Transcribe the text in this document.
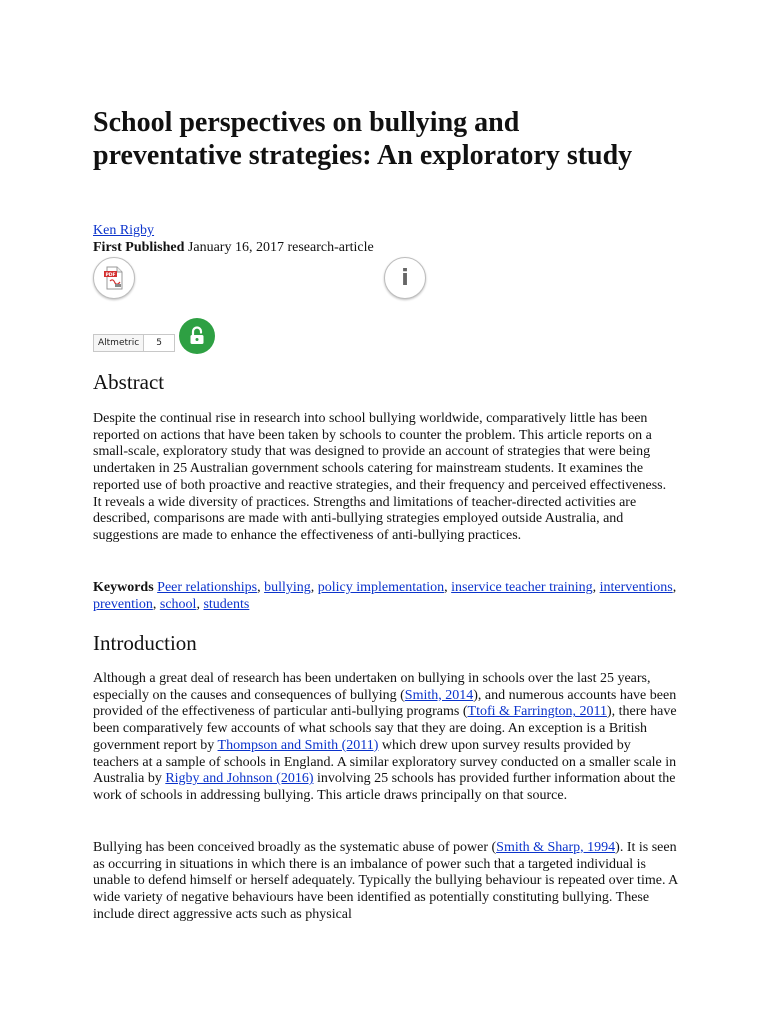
School perspectives on bullying and preventative strategies: An exploratory study
Ken Rigby
First Published January 16, 2017 research-article
PDF	i
Altmetric	5
Abstract

Despite the continual rise in research into school bullying worldwide, comparatively little has been reported on actions that have been taken by schools to counter the problem. This article reports on a small-scale, exploratory study that was designed to provide an account of strategies that were being undertaken in 25 Australian government schools catering for mainstream students. It examines the reported use of both proactive and reactive strategies, and their frequency and perceived effectiveness. It reveals a wide diversity of practices. Strengths and limitations of teacher-directed activities are described, comparisons are made with anti-bullying strategies employed outside Australia, and suggestions are made to enhance the effectiveness of anti-bullying practices.

Keywords Peer relationships, bullying, policy implementation, inservice teacher training, interventions, prevention, school, students

Introduction

Although a great deal of research has been undertaken on bullying in schools over the last 25 years, especially on the causes and consequences of bullying (Smith, 2014), and numerous accounts have been provided of the effectiveness of particular anti-bullying programs (Ttofi & Farrington, 2011), there have been comparatively few accounts of what schools say that they are doing. An exception is a British government report by Thompson and Smith (2011) which drew upon survey results provided by teachers at a sample of schools in England. A similar exploratory survey conducted on a smaller scale in Australia by Rigby and Johnson (2016) involving 25 schools has provided further information about the work of schools in addressing bullying. This article draws principally on that source.

Bullying has been conceived broadly as the systematic abuse of power (Smith & Sharp, 1994). It is seen as occurring in situations in which there is an imbalance of power such that a targeted individual is unable to defend himself or herself adequately. Typically the bullying behaviour is repeated over time. A wide variety of negative behaviours have been identified as potentially constituting bullying. These include direct aggressive acts such as physical
